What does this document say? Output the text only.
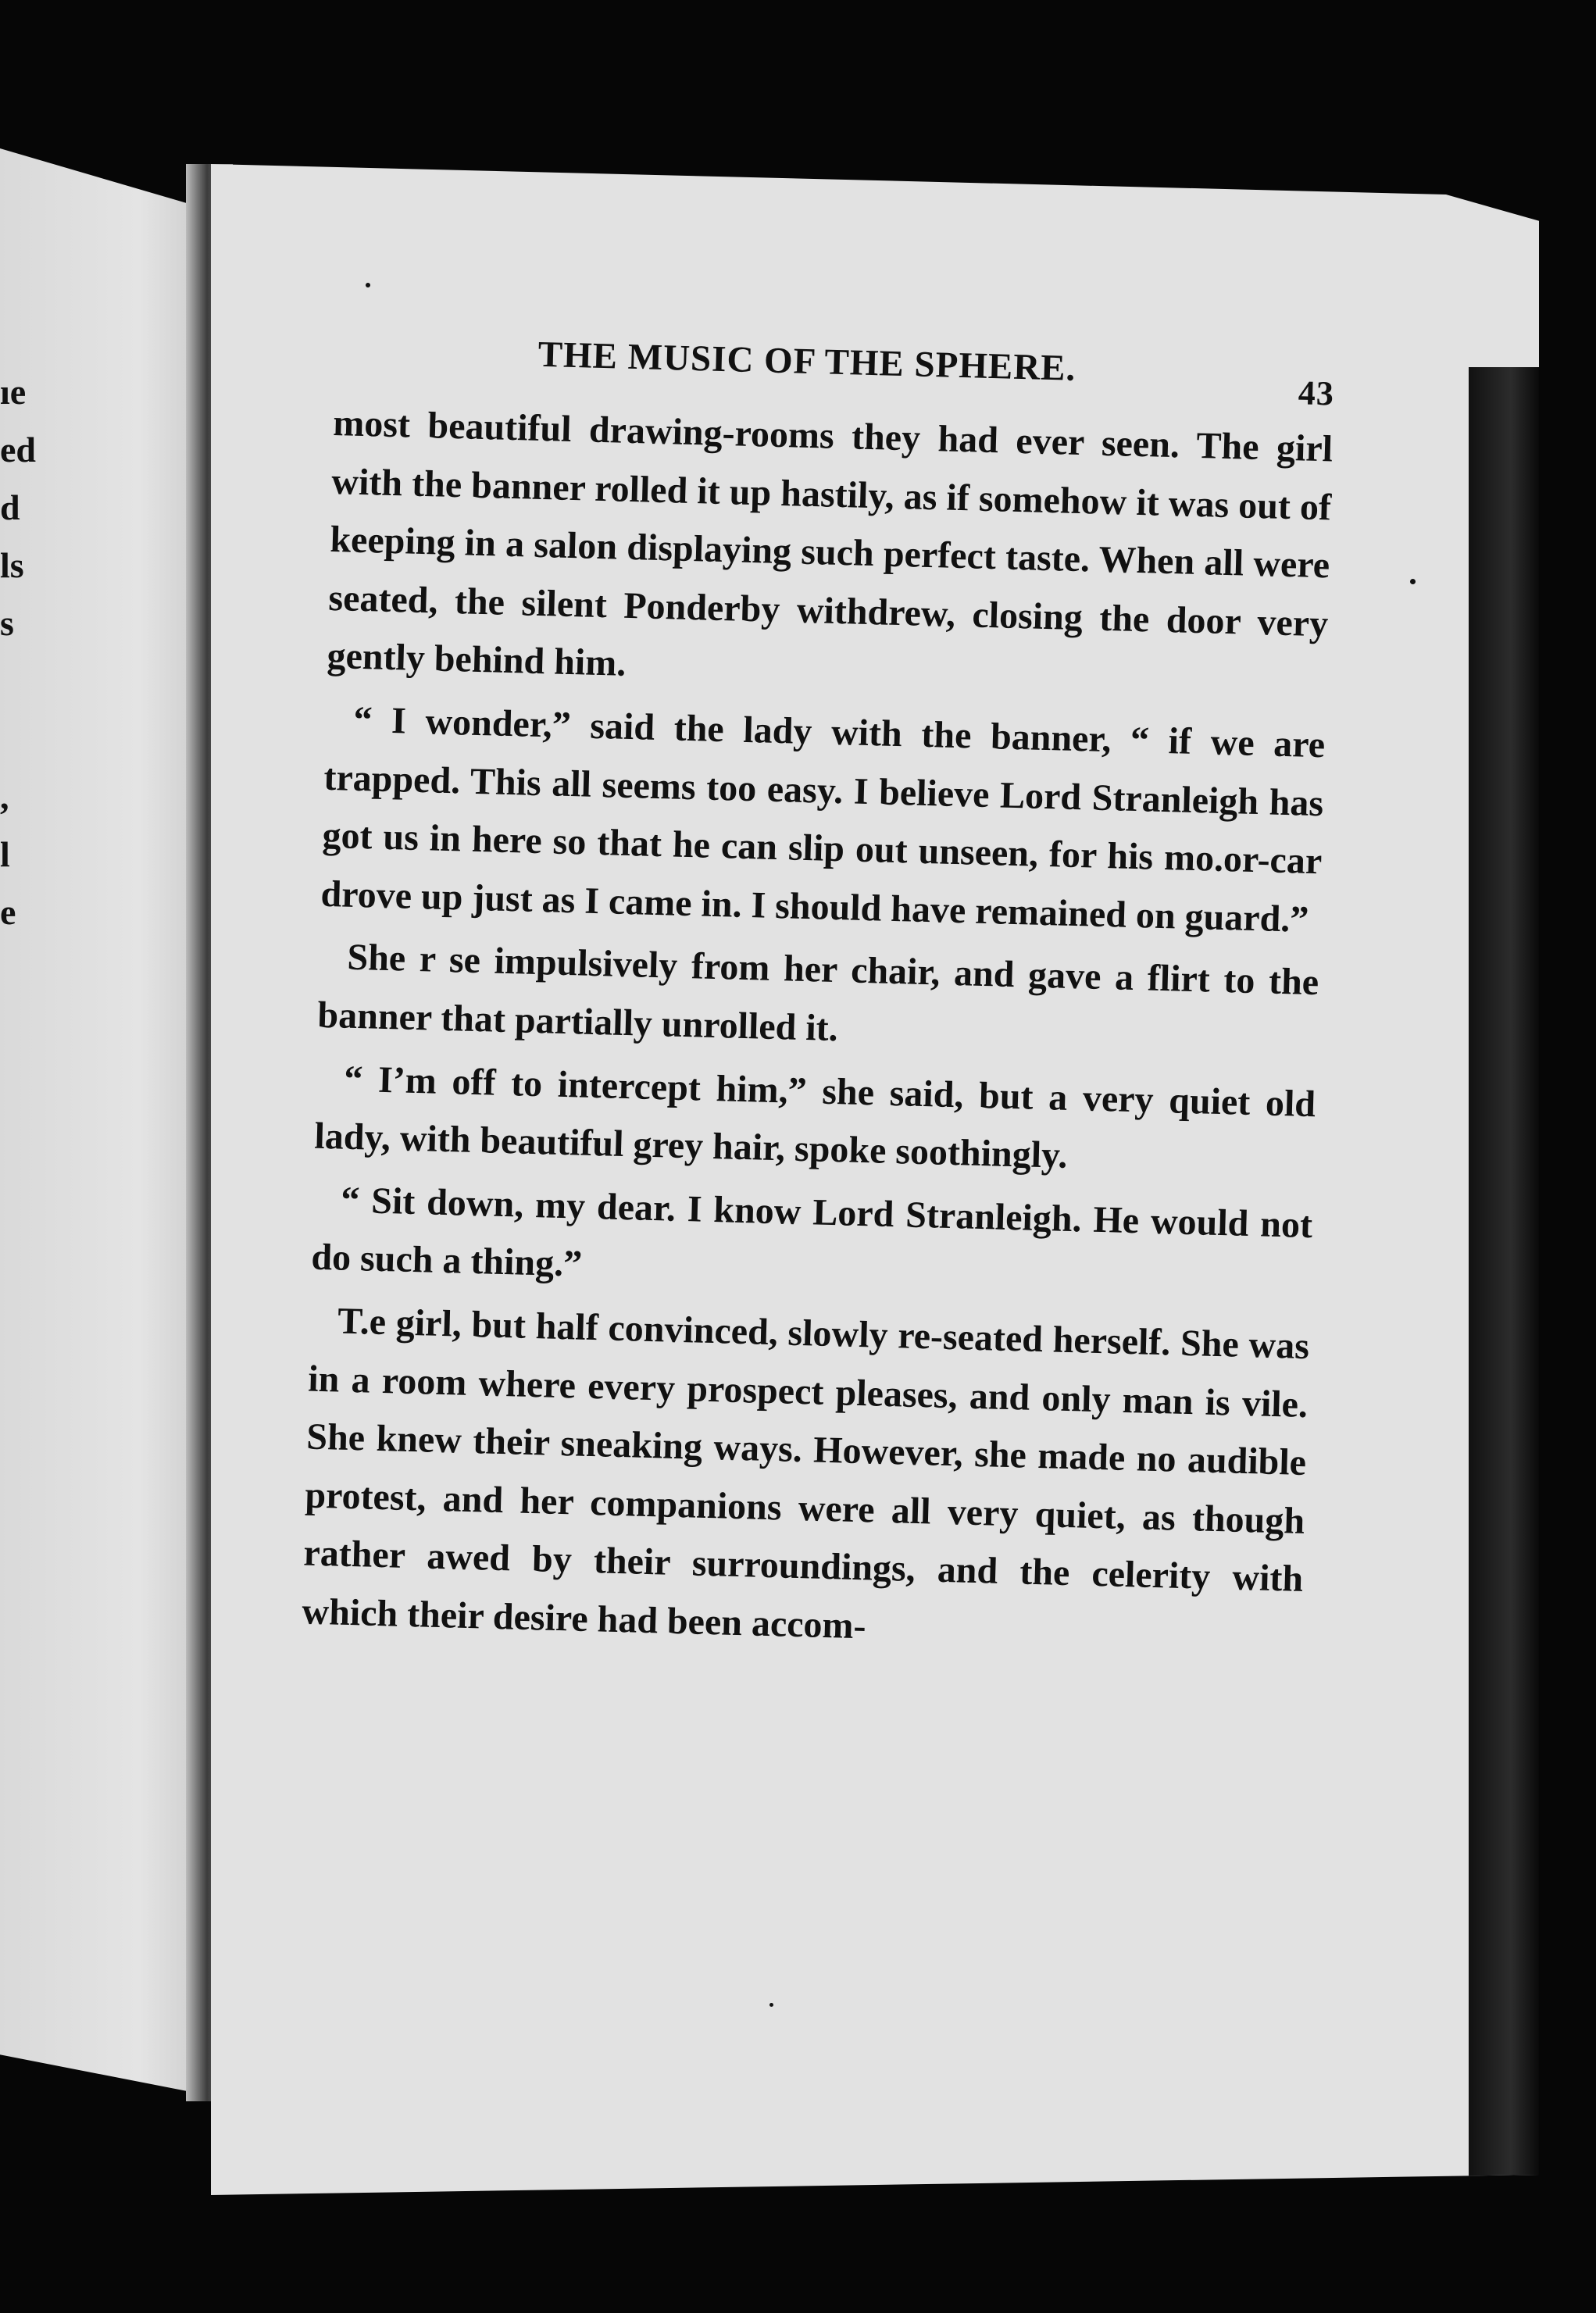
ıe
ed
d
ls
s
,
l
e
THE MUSIC OF THE SPHERE.
43

most beautiful drawing-rooms they had ever seen. The girl with the banner rolled it up hastily, as if somehow it was out of keeping in a salon displaying such perfect taste. When all were seated, the silent Ponderby withdrew, closing the door very gently behind him.

“ I wonder,” said the lady with the banner, “ if we are trapped. This all seems too easy. I believe Lord Stranleigh has got us in here so that he can slip out unseen, for his mo.or-car drove up just as I came in. I should have remained on guard.”

She r se impulsively from her chair, and gave a flirt to the banner that partially unrolled it.

“ I’m off to intercept him,” she said, but a very quiet old lady, with beautiful grey hair, spoke soothingly.

“ Sit down, my dear. I know Lord Stranleigh. He would not do such a thing.”

T.e girl, but half convinced, slowly re-seated herself. She was in a room where every prospect pleases, and only man is vile. She knew their sneaking ways. However, she made no audible protest, and her companions were all very quiet, as though rather awed by their surroundings, and the celerity with which their desire had been accom-
